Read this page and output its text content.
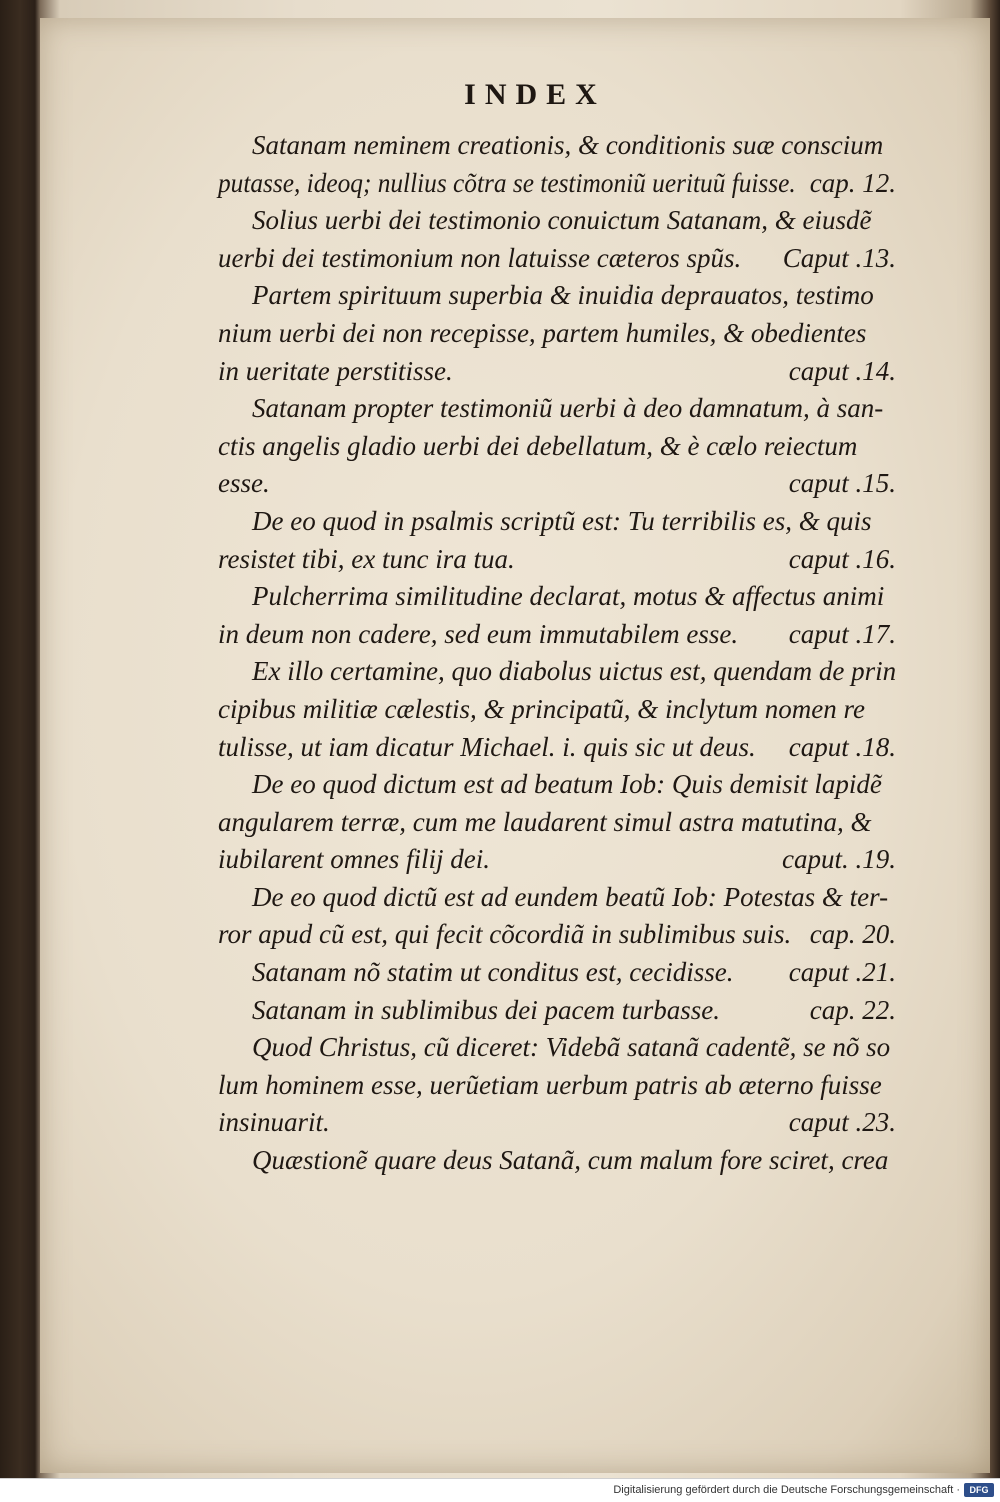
INDEX
Satanam neminem creationis, & conditionis suæ conscium
putasse, ideoq; nullius cõtra se testimoniũ uerituũ fuisse. cap. 12.
Solius uerbi dei testimonio conuictum Satanam, & eiusdẽ
uerbi dei testimonium non latuisse cæteros spũs. Caput .13.
Partem spirituum superbia & inuidia deprauatos, testimo
nium uerbi dei non recepisse, partem humiles, & obedientes
in ueritate perstitisse.	caput .14.
Satanam propter testimoniũ uerbi à deo damnatum, à san-
ctis angelis gladio uerbi dei debellatum, & è cælo reiectum
esse.	caput .15.
De eo quod in psalmis scriptũ est: Tu terribilis es, & quis
resistet tibi, ex tunc ira tua.	caput .16.
Pulcherrima similitudine declarat, motus & affectus animi
in deum non cadere, sed eum immutabilem esse. caput .17.
Ex illo certamine, quo diabolus uictus est, quendam de prin
cipibus militiæ cælestis, & principatũ, & inclytum nomen re
tulisse, ut iam dicatur Michael. i. quis sic ut deus. caput .18.
De eo quod dictum est ad beatum Iob: Quis demisit lapidẽ
angularem terræ, cum me laudarent simul astra matutina, &
iubilarent omnes filij dei.	caput. .19.
De eo quod dictũ est ad eundem beatũ Iob: Potestas & ter-
ror apud cũ est, qui fecit cõcordiã in sublimibus suis. cap. 20.
Satanam nõ statim ut conditus est, cecidisse. caput .21.
Satanam in sublimibus dei pacem turbasse.	cap. 22.
Quod Christus, cũ diceret: Videbã satanã cadentẽ, se nõ so
lum hominem esse, uerũetiam uerbum patris ab æterno fuisse
insinuarit.	caput .23.
Quæstionẽ quare deus Satanã, cum malum fore sciret, crea
Digitalisierung gefördert durch die Deutsche Forschungsgemeinschaft ·	DFG
